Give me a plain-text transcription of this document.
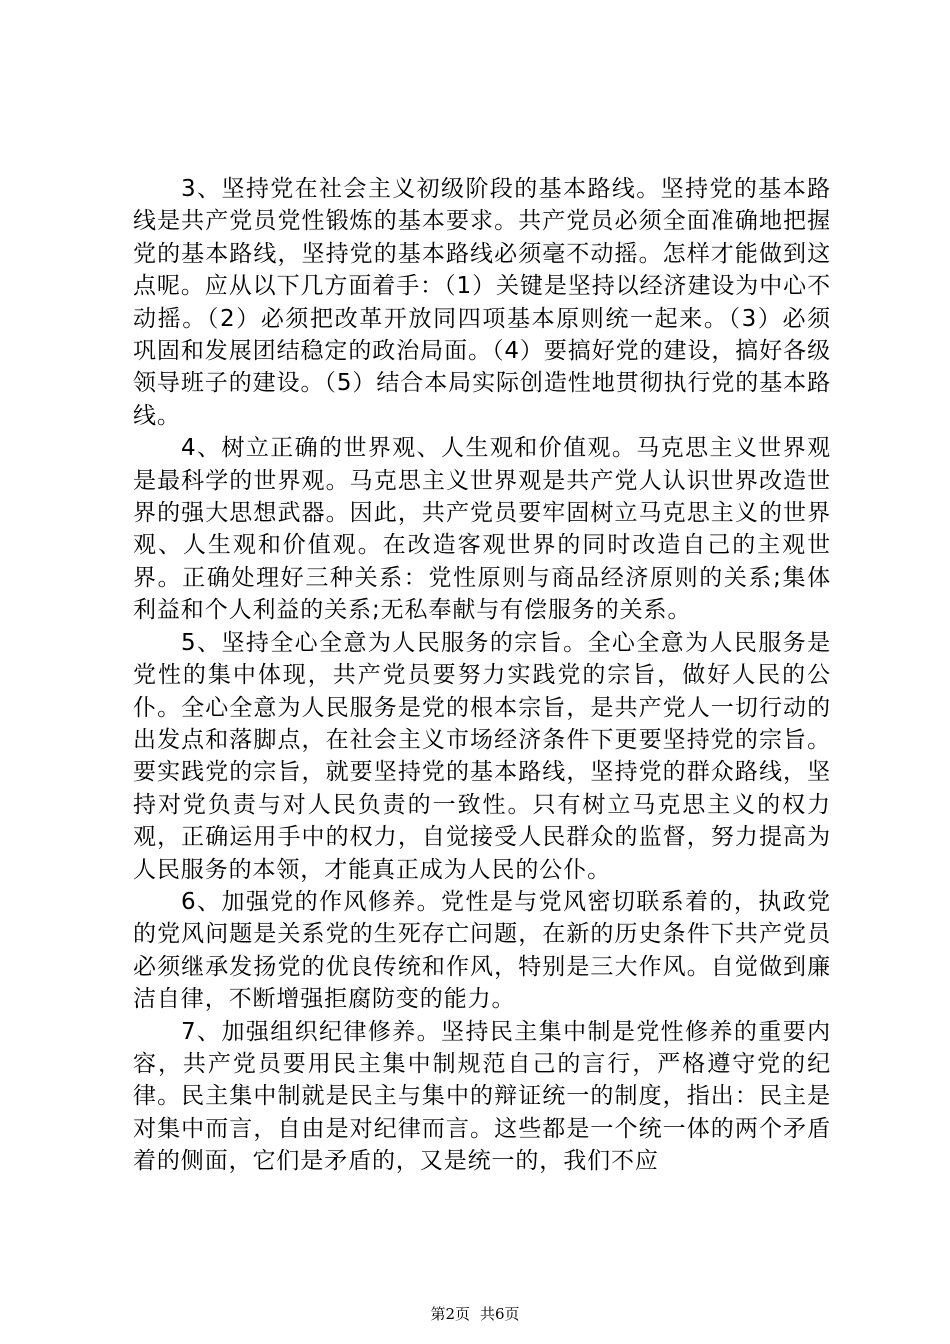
3、坚持党在社会主义初级阶段的基本路线。坚持党的基本路线是共产党员党性锻炼的基本要求。共产党员必须全面准确地把握党的基本路线，坚持党的基本路线必须毫不动摇。怎样才能做到这点呢。应从以下几方面着手：（1）关键是坚持以经济建设为中心不动摇。（2）必须把改革开放同四项基本原则统一起来。（3）必须巩固和发展团结稳定的政治局面。（4）要搞好党的建设，搞好各级领导班子的建设。（5）结合本局实际创造性地贯彻执行党的基本路线。

4、树立正确的世界观、人生观和价值观。马克思主义世界观是最科学的世界观。马克思主义世界观是共产党人认识世界改造世界的强大思想武器。因此，共产党员要牢固树立马克思主义的世界观、人生观和价值观。在改造客观世界的同时改造自己的主观世界。正确处理好三种关系：党性原则与商品经济原则的关系;集体利益和个人利益的关系;无私奉献与有偿服务的关系。

5、坚持全心全意为人民服务的宗旨。全心全意为人民服务是党性的集中体现，共产党员要努力实践党的宗旨，做好人民的公仆。全心全意为人民服务是党的根本宗旨，是共产党人一切行动的出发点和落脚点，在社会主义市场经济条件下更要坚持党的宗旨。要实践党的宗旨，就要坚持党的基本路线，坚持党的群众路线，坚持对党负责与对人民负责的一致性。只有树立马克思主义的权力观，正确运用手中的权力，自觉接受人民群众的监督，努力提高为人民服务的本领，才能真正成为人民的公仆。

6、加强党的作风修养。党性是与党风密切联系着的，执政党的党风问题是关系党的生死存亡问题，在新的历史条件下共产党员必须继承发扬党的优良传统和作风，特别是三大作风。自觉做到廉洁自律，不断增强拒腐防变的能力。

7、加强组织纪律修养。坚持民主集中制是党性修养的重要内容，共产党员要用民主集中制规范自己的言行，严格遵守党的纪律。民主集中制就是民主与集中的辩证统一的制度，指出：民主是对集中而言，自由是对纪律而言。这些都是一个统一体的两个矛盾着的侧面，它们是矛盾的，又是统一的，我们不应

第2页 共6页
